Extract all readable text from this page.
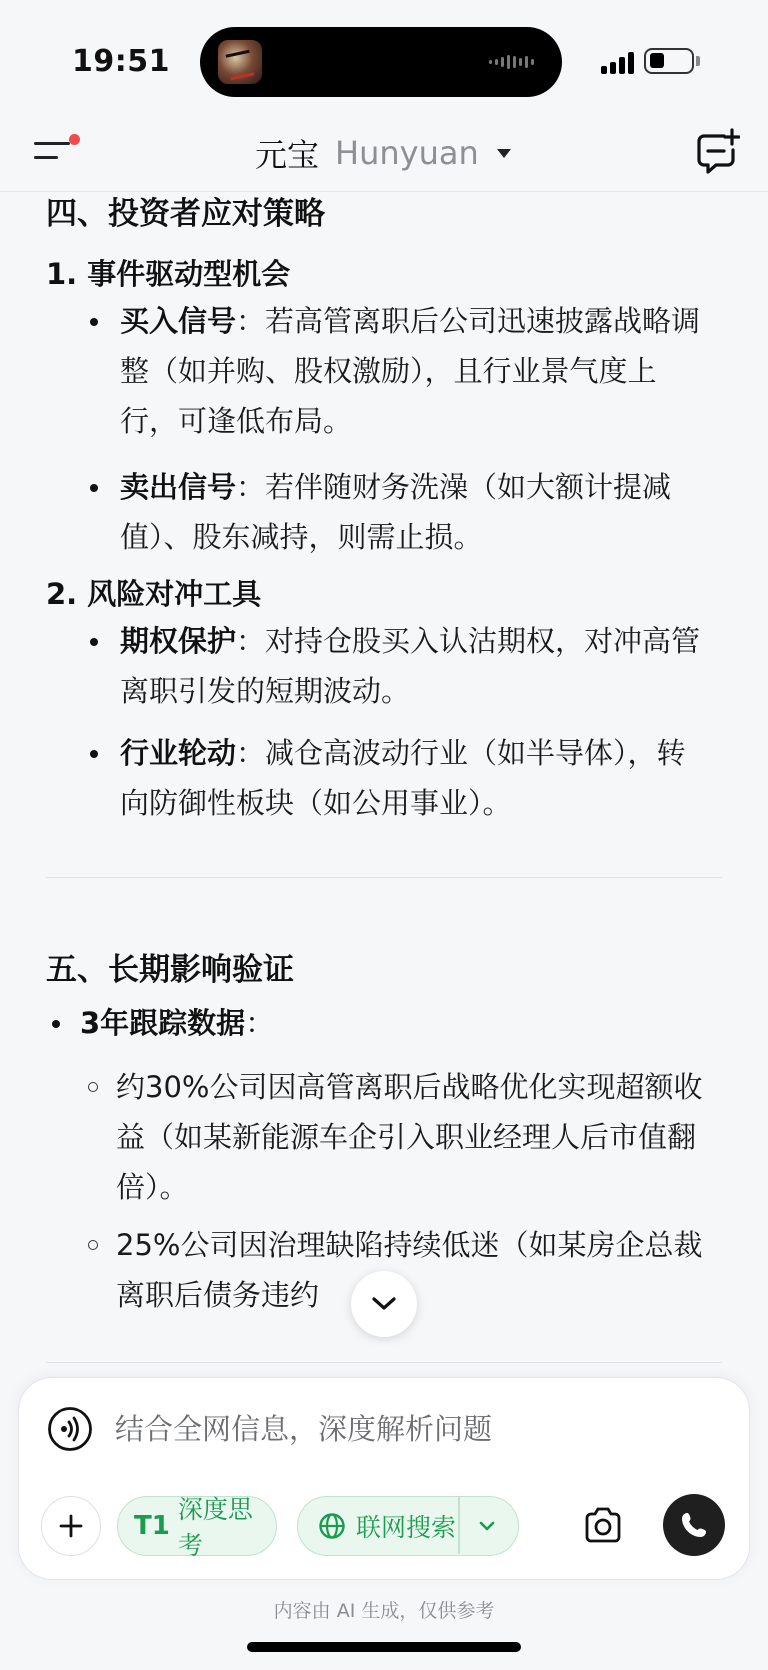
19:51
元宝 Hunyuan
四、投资者应对策略
1. 事件驱动型机会
买入信号：若高管离职后公司迅速披露战略调整（如并购、股权激励），且行业景气度上行，可逢低布局。
卖出信号：若伴随财务洗澡（如大额计提减值）、股东减持，则需止损。
2. 风险对冲工具
期权保护：对持仓股买入认沽期权，对冲高管离职引发的短期波动。
行业轮动：减仓高波动行业（如半导体），转向防御性板块（如公用事业）。
五、长期影响验证
3年跟踪数据：
约30%公司因高管离职后战略优化实现超额收益（如某新能源车企引入职业经理人后市值翻倍）。
25%公司因治理缺陷持续低迷（如某房企总裁离职后债务违约
结合全网信息，深度解析问题
T1
深度思考
联网搜索
内容由 AI 生成，仅供参考
